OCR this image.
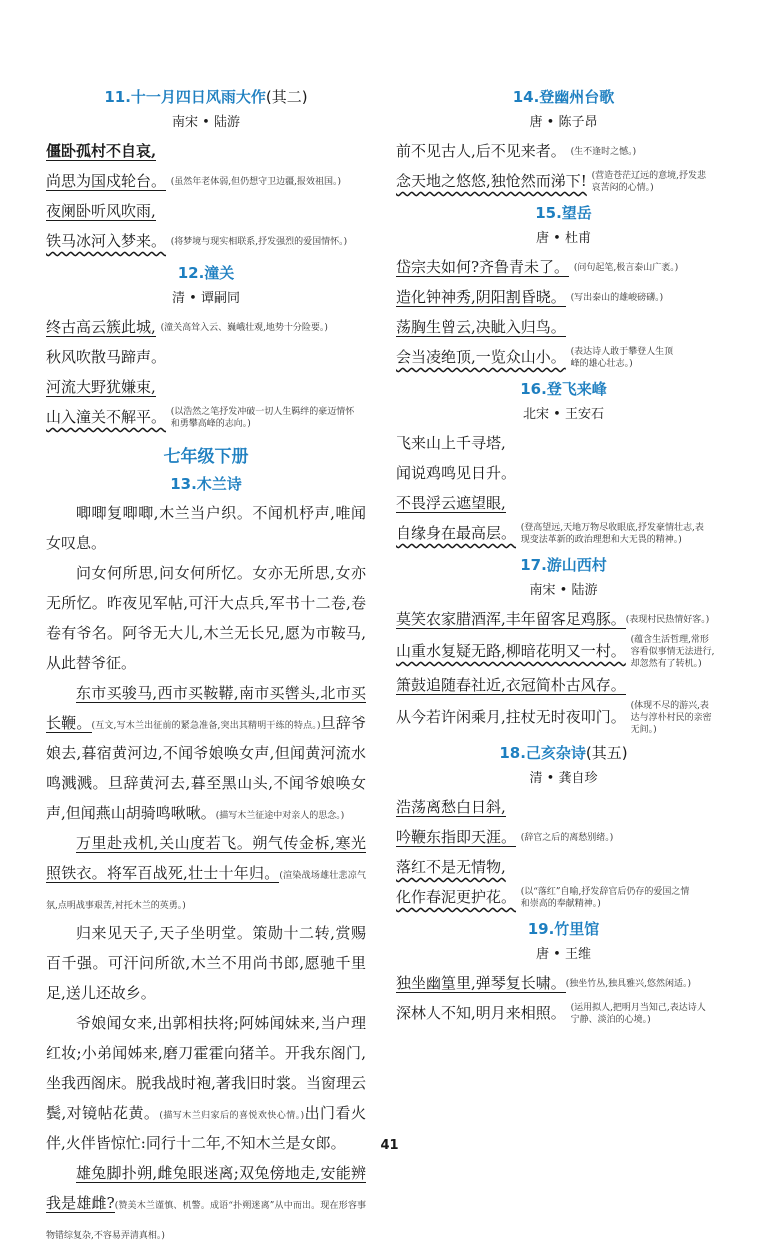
11.十一月四日风雨大作(其二)
南宋 • 陆游
僵卧孤村不自哀,
尚思为国戍轮台。 (虽然年老体弱,但仍想守卫边疆,报效祖国。)
夜阑卧听风吹雨,
铁马冰河入梦来。 (将梦境与现实相联系,抒发强烈的爱国情怀。)
12.潼关
清 • 谭嗣同
终古高云簇此城, (潼关高耸入云、巍峨壮观,地势十分险要。)
秋风吹散马蹄声。
河流大野犹嫌束,
山入潼关不解平。 (以浩然之笔抒发冲破一切人生羁绊的豪迈情怀和勇攀高峰的志向。)
七年级下册
13.木兰诗

唧唧复唧唧,木兰当户织。不闻机杼声,唯闻女叹息。

问女何所思,问女何所忆。女亦无所思,女亦无所忆。昨夜见军帖,可汗大点兵,军书十二卷,卷卷有爷名。阿爷无大儿,木兰无长兄,愿为市鞍马,从此替爷征。

东市买骏马,西市买鞍鞯,南市买辔头,北市买长鞭。(互文,写木兰出征前的紧急准备,突出其精明干练的特点。)旦辞爷娘去,暮宿黄河边,不闻爷娘唤女声,但闻黄河流水鸣溅溅。旦辞黄河去,暮至黑山头,不闻爷娘唤女声,但闻燕山胡骑鸣啾啾。(描写木兰征途中对亲人的思念。)

万里赴戎机,关山度若飞。朔气传金柝,寒光照铁衣。将军百战死,壮士十年归。(渲染战场雄壮悲凉气氛,点明战事艰苦,衬托木兰的英勇。)

归来见天子,天子坐明堂。策勋十二转,赏赐百千强。可汗问所欲,木兰不用尚书郎,愿驰千里足,送儿还故乡。

爷娘闻女来,出郭相扶将;阿姊闻妹来,当户理红妆;小弟闻姊来,磨刀霍霍向猪羊。开我东阁门,坐我西阁床。脱我战时袍,著我旧时裳。当窗理云鬓,对镜帖花黄。(描写木兰归家后的喜悦欢快心情。)出门看火伴,火伴皆惊忙:同行十二年,不知木兰是女郎。

雄兔脚扑朔,雌兔眼迷离;双兔傍地走,安能辨我是雄雌?(赞美木兰谨慎、机警。成语“扑朔迷离”从中而出。现在形容事物错综复杂,不容易弄清真相。)

14.登幽州台歌
唐 • 陈子昂
前不见古人,后不见来者。 (生不逢时之憾。)
念天地之悠悠,独怆然而涕下! (营造苍茫辽远的意境,抒发悲哀苦闷的心情。)
15.望岳
唐 • 杜甫
岱宗夫如何?齐鲁青未了。 (问句起笔,极言泰山广袤。)
造化钟神秀,阴阳割昏晓。 (写出泰山的雄峻磅礴。)
荡胸生曾云,决眦入归鸟。
会当凌绝顶,一览众山小。 (表达诗人敢于攀登人生顶峰的雄心壮志。)
16.登飞来峰
北宋 • 王安石
飞来山上千寻塔,
闻说鸡鸣见日升。
不畏浮云遮望眼,
自缘身在最高层。 (登高望远,天地万物尽收眼底,抒发豪情壮志,表现变法革新的政治理想和大无畏的精神。)
17.游山西村
南宋 • 陆游
莫笑农家腊酒浑,丰年留客足鸡豚。(表现村民热情好客。)
山重水复疑无路,柳暗花明又一村。 (蕴含生活哲理,常形容看似事情无法进行,却忽然有了转机。)
箫鼓追随春社近,衣冠简朴古风存。
从今若许闲乘月,拄杖无时夜叩门。 (体现不尽的游兴,表达与淳朴村民的亲密无间。)
18.己亥杂诗(其五)
清 • 龚自珍
浩荡离愁白日斜,
吟鞭东指即天涯。 (辞官之后的离愁别绪。)
落红不是无情物,
化作春泥更护花。 (以“落红”自喻,抒发辞官后仍存的爱国之情和崇高的奉献精神。)
19.竹里馆
唐 • 王维
独坐幽篁里,弹琴复长啸。(独坐竹丛,独具雅兴,悠然闲适。)
深林人不知,明月来相照。 (运用拟人,把明月当知己,表达诗人宁静、淡泊的心境。)
41
